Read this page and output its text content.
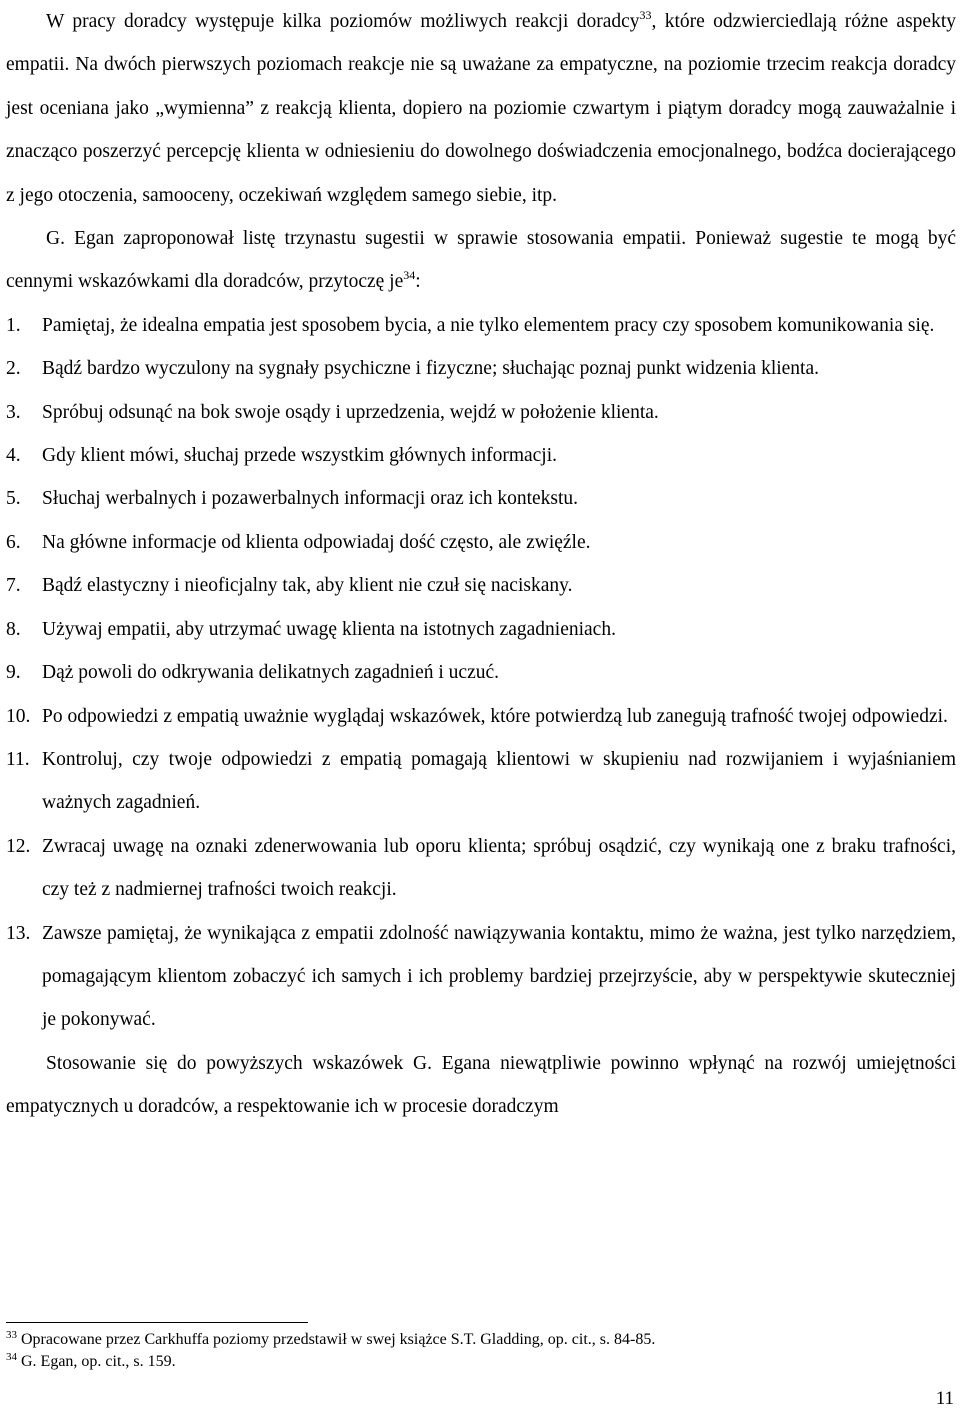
W pracy doradcy występuje kilka poziomów możliwych reakcji doradcy$^{33}$, które odzwierciedlają różne aspekty empatii. Na dwóch pierwszych poziomach reakcje nie są uważane za empatyczne, na poziomie trzecim reakcja doradcy jest oceniana jako „wymienna” z reakcją klienta, dopiero na poziomie czwartym i piątym doradcy mogą zauważalnie i znacząco poszerzyć percepcję klienta w odniesieniu do dowolnego doświadczenia emocjonalnego, bodźca docierającego z jego otoczenia, samooceny, oczekiwań względem samego siebie, itp.

G. Egan zaproponował listę trzynastu sugestii w sprawie stosowania empatii. Ponieważ sugestie te mogą być cennymi wskazówkami dla doradców, przytoczę $je^{34}$:

1.	Pamiętaj, że idealna empatia jest sposobem bycia, a nie tylko elementem pracy czy sposobem komunikowania się.
2.	Bądź bardzo wyczulony na sygnały psychiczne i fizyczne; słuchając poznaj punkt widzenia klienta.
3.	Spróbuj odsunąć na bok swoje osądy i uprzedzenia, wejdź w położenie klienta.
4.	Gdy klient mówi, słuchaj przede wszystkim głównych informacji.
5.	Słuchaj werbalnych i pozawerbalnych informacji oraz ich kontekstu.
6.	Na główne informacje od klienta odpowiadaj dość często, ale zwięźle.
7.	Bądź elastyczny i nieoficjalny tak, aby klient nie czuł się naciskany.
8.	Używaj empatii, aby utrzymać uwagę klienta na istotnych zagadnieniach.
9.	Dąż powoli do odkrywania delikatnych zagadnień i uczuć.
10. Po odpowiedzi z empatią uważnie wyglądaj wskazówek, które potwierdzą lub zanegują trafność twojej odpowiedzi.
11. Kontroluj, czy twoje odpowiedzi z empatią pomagają klientowi w skupieniu nad rozwijaniem i wyjaśnianiem ważnych zagadnień.
12. Zwracaj uwagę na oznaki zdenerwowania lub oporu klienta; spróbuj osądzić, czy wynikają one z braku trafności, czy też z nadmiernej trafności twoich reakcji.
13. Zawsze pamiętaj, że wynikająca z empatii zdolność nawiązywania kontaktu, mimo że ważna, jest tylko narzędziem, pomagającym klientom zobaczyć ich samych i ich problemy bardziej przejrzyście, aby w perspektywie skuteczniej je pokonywać.

Stosowanie się do powyższych wskazówek G. Egana niewątpliwie powinno wpłynąć na rozwój umiejętności empatycznych u doradców, a respektowanie ich w procesie doradczym

$^{33}$ Opracowane przez Carkhuffa poziomy przedstawił w swej książce S.T. Gladding, op. cit., s. 84-85.

$^{34}$ G. Egan, op. cit., s. 159.

11
